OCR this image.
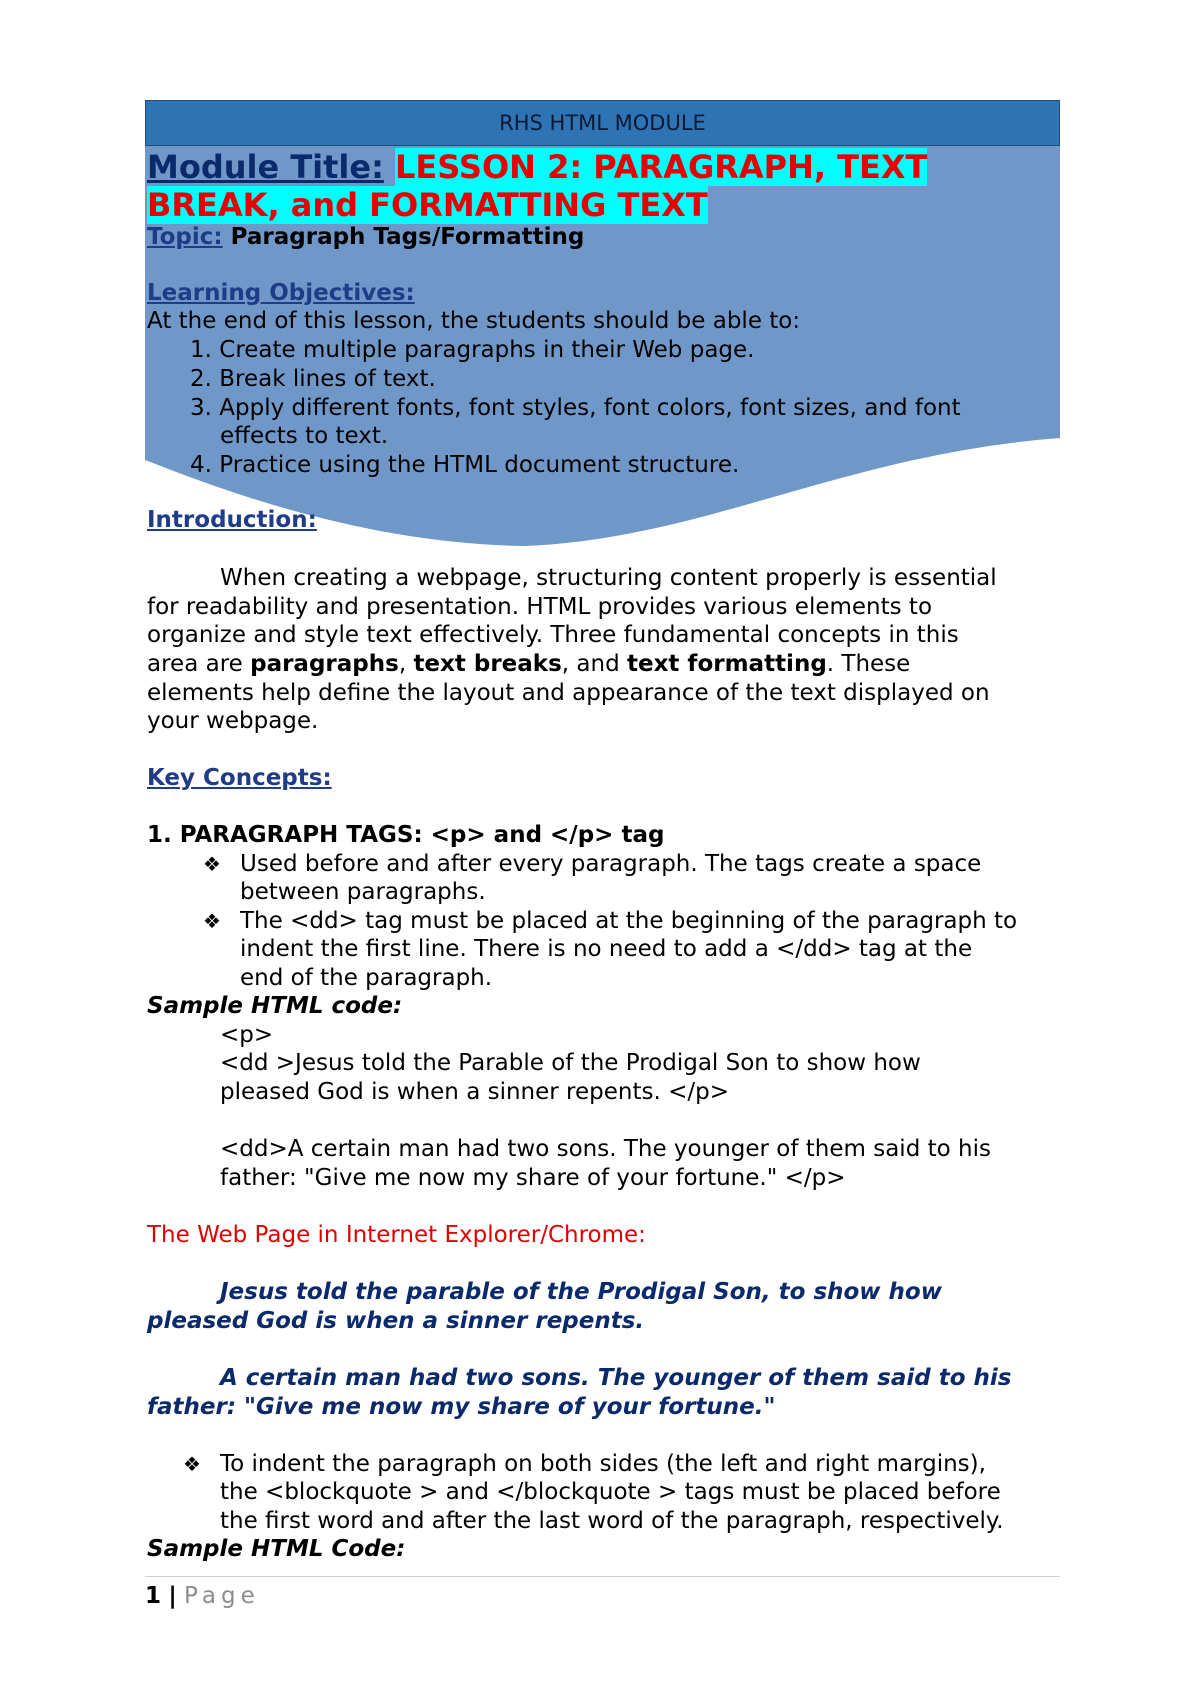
RHS HTML MODULE
Module Title: LESSON 2: PARAGRAPH, TEXT
BREAK, and FORMATTING TEXT
Topic: Paragraph Tags/Formatting
Learning Objectives:
At the end of this lesson, the students should be able to:
1. Create multiple paragraphs in their Web page.
2. Break lines of text.
3. Apply different fonts, font styles, font colors, font sizes, and font
effects to text.
4. Practice using the HTML document structure.
Introduction:
When creating a webpage, structuring content properly is essential
for readability and presentation. HTML provides various elements to
organize and style text effectively. Three fundamental concepts in this
area are paragraphs, text breaks, and text formatting. These
elements help define the layout and appearance of the text displayed on
your webpage.
Key Concepts:
1. PARAGRAPH TAGS: <p> and </p> tag
❖ Used before and after every paragraph. The tags create a space
between paragraphs.
❖ The <dd> tag must be placed at the beginning of the paragraph to
indent the first line. There is no need to add a </dd> tag at the
end of the paragraph.
Sample HTML code:
<p>
<dd >Jesus told the Parable of the Prodigal Son to show how
pleased God is when a sinner repents. </p>
<dd>A certain man had two sons. The younger of them said to his
father: "Give me now my share of your fortune." </p>
The Web Page in Internet Explorer/Chrome:
Jesus told the parable of the Prodigal Son, to show how
pleased God is when a sinner repents.
A certain man had two sons. The younger of them said to his
father: "Give me now my share of your fortune."
❖ To indent the paragraph on both sides (the left and right margins),
the <blockquote > and </blockquote > tags must be placed before
the first word and after the last word of the paragraph, respectively.
Sample HTML Code:
1 | Page
